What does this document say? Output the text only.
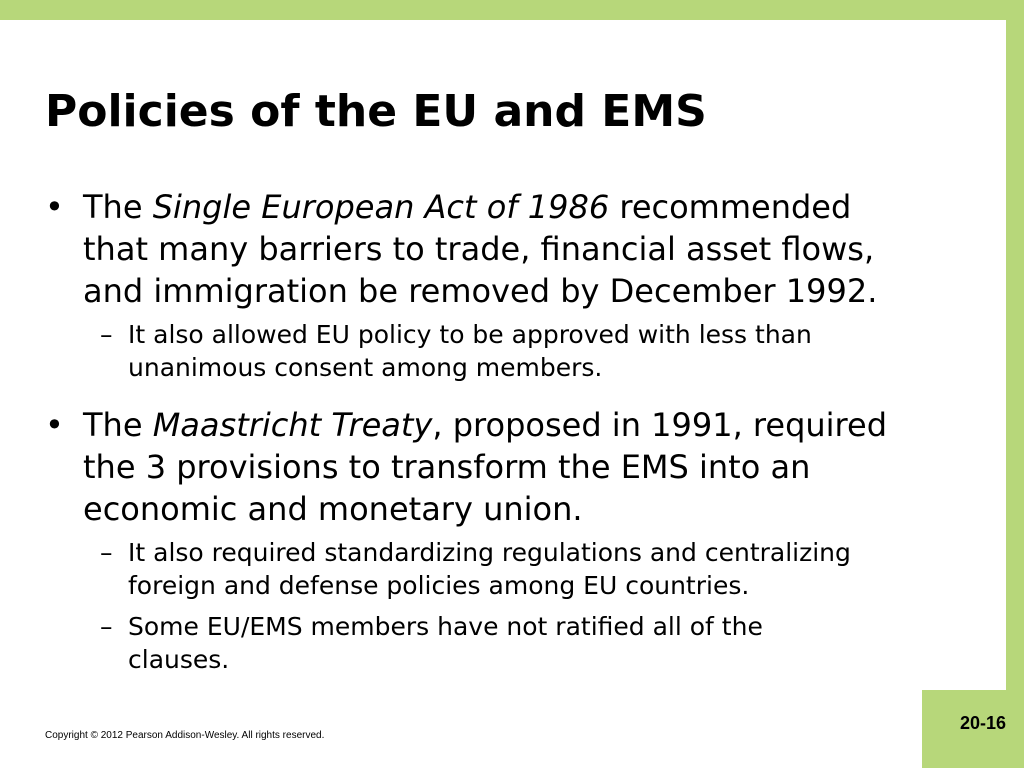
Policies of the EU and EMS
• The Single European Act of 1986 recommended
that many barriers to trade, financial asset flows,
and immigration be removed by December 1992.
– It also allowed EU policy to be approved with less than
unanimous consent among members.
• The Maastricht Treaty, proposed in 1991, required
the 3 provisions to transform the EMS into an
economic and monetary union.
– It also required standardizing regulations and centralizing
foreign and defense policies among EU countries.
– Some EU/EMS members have not ratified all of the
clauses.
Copyright © 2012 Pearson Addison-Wesley. All rights reserved.
20-16
